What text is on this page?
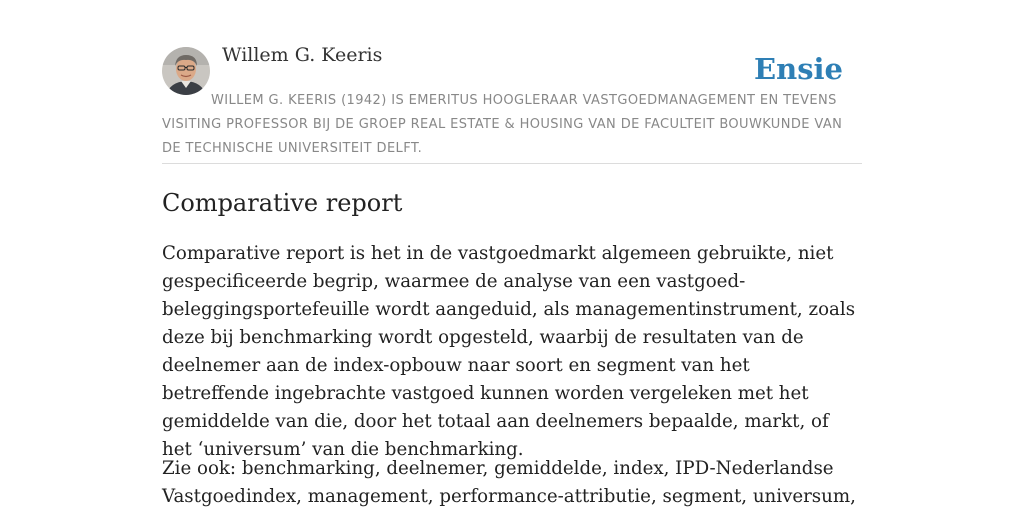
Willem G. Keeris	Ensie

WILLEM G. KEERIS (1942) IS EMERITUS HOOGLERAAR VASTGOEDMANAGEMENT EN TEVENS VISITING PROFESSOR BIJ DE GROEP REAL ESTATE & HOUSING VAN DE FACULTEIT BOUWKUNDE VAN DE TECHNISCHE UNIVERSITEIT DELFT.

Comparative report

Comparative report is het in de vastgoedmarkt algemeen gebruikte, niet gespecificeerde begrip, waarmee de analyse van een vastgoedbeleggingsportefeuille wordt aangeduid, als managementinstrument, zoals deze bij benchmarking wordt opgesteld, waarbij de resultaten van de deelnemer aan de index-opbouw naar soort en segment van het betreffende ingebrachte vastgoed kunnen worden vergeleken met het gemiddelde van die, door het totaal aan deelnemers bepaalde, markt, of het ‘universum’ van die benchmarking.

Zie ook: benchmarking, deelnemer, gemiddelde, index, IPD-Nederlandse Vastgoedindex, management, performance-attributie, segment, universum,
